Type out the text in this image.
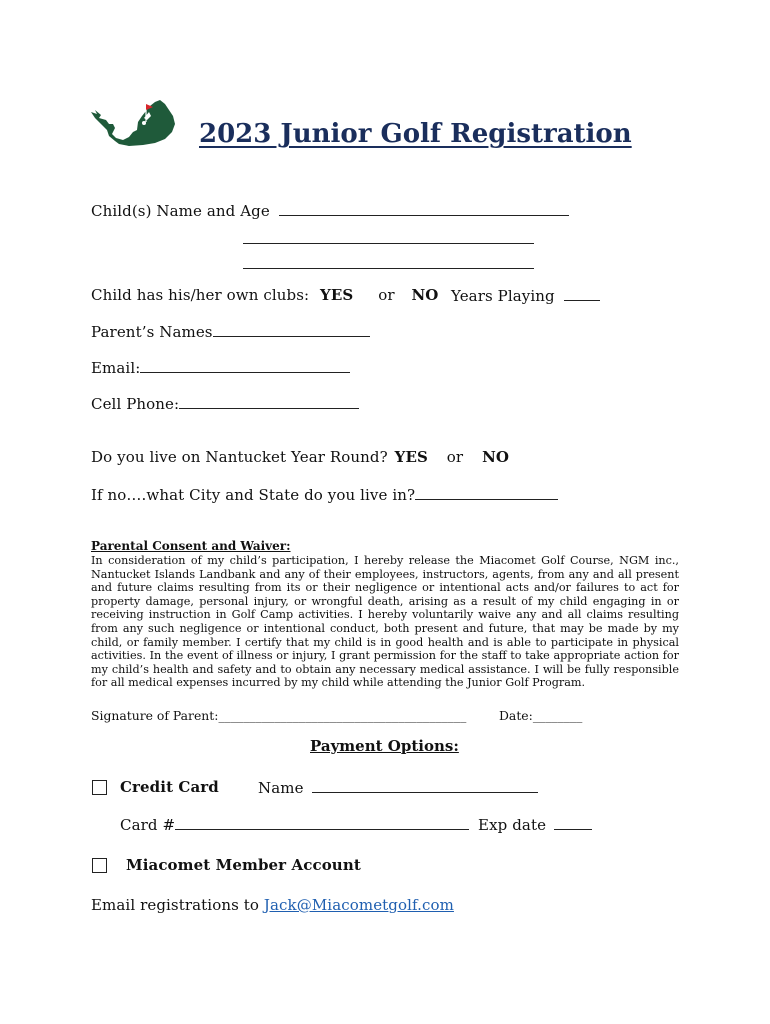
2023 Junior Golf Registration
Child(s) Name and Age
Child has his/her own clubs: YES or NO Years Playing
Parent’s Names
Email:
Cell Phone:
Do you live on Nantucket Year Round? YES or NO
If no….what City and State do you live in?
Parental Consent and Waiver:
In consideration of my child’s participation, I hereby release the Miacomet Golf Course, NGM inc., Nantucket Islands Landbank and any of their employees, instructors, agents, from any and all present and future claims resulting from its or their negligence or intentional acts and/or failures to act for property damage, personal injury, or wrongful death, arising as a result of my child engaging in or receiving instruction in Golf Camp activities. I hereby voluntarily waive any and all claims resulting from any such negligence or intentional conduct, both present and future, that may be made by my child, or family member. I certify that my child is in good health and is able to participate in physical activities. In the event of illness or injury, I grant permission for the staff to take appropriate action for my child’s health and safety and to obtain any necessary medical assistance. I will be fully responsible for all medical expenses incurred by my child while attending the Junior Golf Program.
Signature of Parent:________________________________________	Date:________
Payment Options:
Credit Card	Name
Card #	Exp date
Miacomet Member Account
Email registrations to Jack@Miacometgolf.com
